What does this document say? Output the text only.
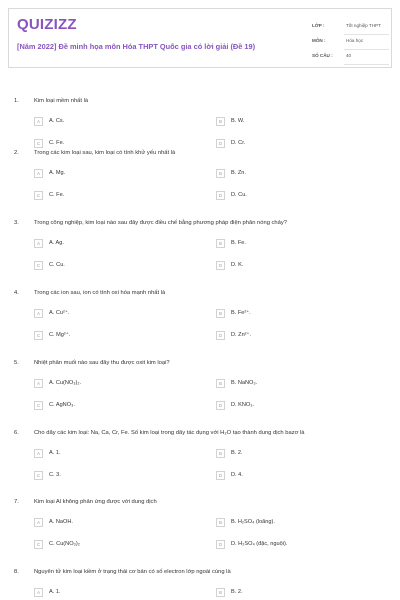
QUIZIZZ
[Năm 2022] Đề minh họa môn Hóa THPT Quốc gia có lời giải (Đề 19)
LỚP :	Tốt nghiệp THPT
MÔN :	Hóa học
SỐ CÂU :	40
1.	Kim loại mềm nhất là
A	A. Cs.	B	B. W.
C	C. Fe.	D	D. Cr.
2.	Trong các kim loại sau, kim loại có tính khử yếu nhất là
A	A. Mg.	B	B. Zn.
C	C. Fe.	D	D. Cu.
3.	Trong công nghiệp, kim loại nào sau đây được điều chế bằng phương pháp điện phân nóng chảy?
A	A. Ag.	B	B. Fe.
C	C. Cu.	D	D. K.
4.	Trong các ion sau, ion có tính oxi hóa mạnh nhất là
A	A. Cu²⁺.	B	B. Fe²⁺.
C	C. Mg²⁺.	D	D. Zn²⁺.
5.	Nhiệt phân muối nào sau đây thu được oxit kim loại?
A	A. Cu(NO₃)₂.	B	B. NaNO₃.
C	C. AgNO₃.	D	D. KNO₃.
6.	Cho dãy các kim loại: Na, Ca, Cr, Fe. Số kim loại trong dãy tác dụng với H₂O tạo thành dung dịch bazơ là
A	A. 1.	B	B. 2.
C	C. 3.	D	D. 4.
7.	Kim loại Al không phản ứng được với dung dịch
A	A. NaOH.	B	B. H₂SO₄ (loãng).
C	C. Cu(NO₃)₂	D	D. H₂SO₄ (đặc, nguội).
8.	Nguyên tử kim loại kiềm ở trạng thái cơ bản có số electron lớp ngoài cùng là
A	A. 1.	B	B. 2.
